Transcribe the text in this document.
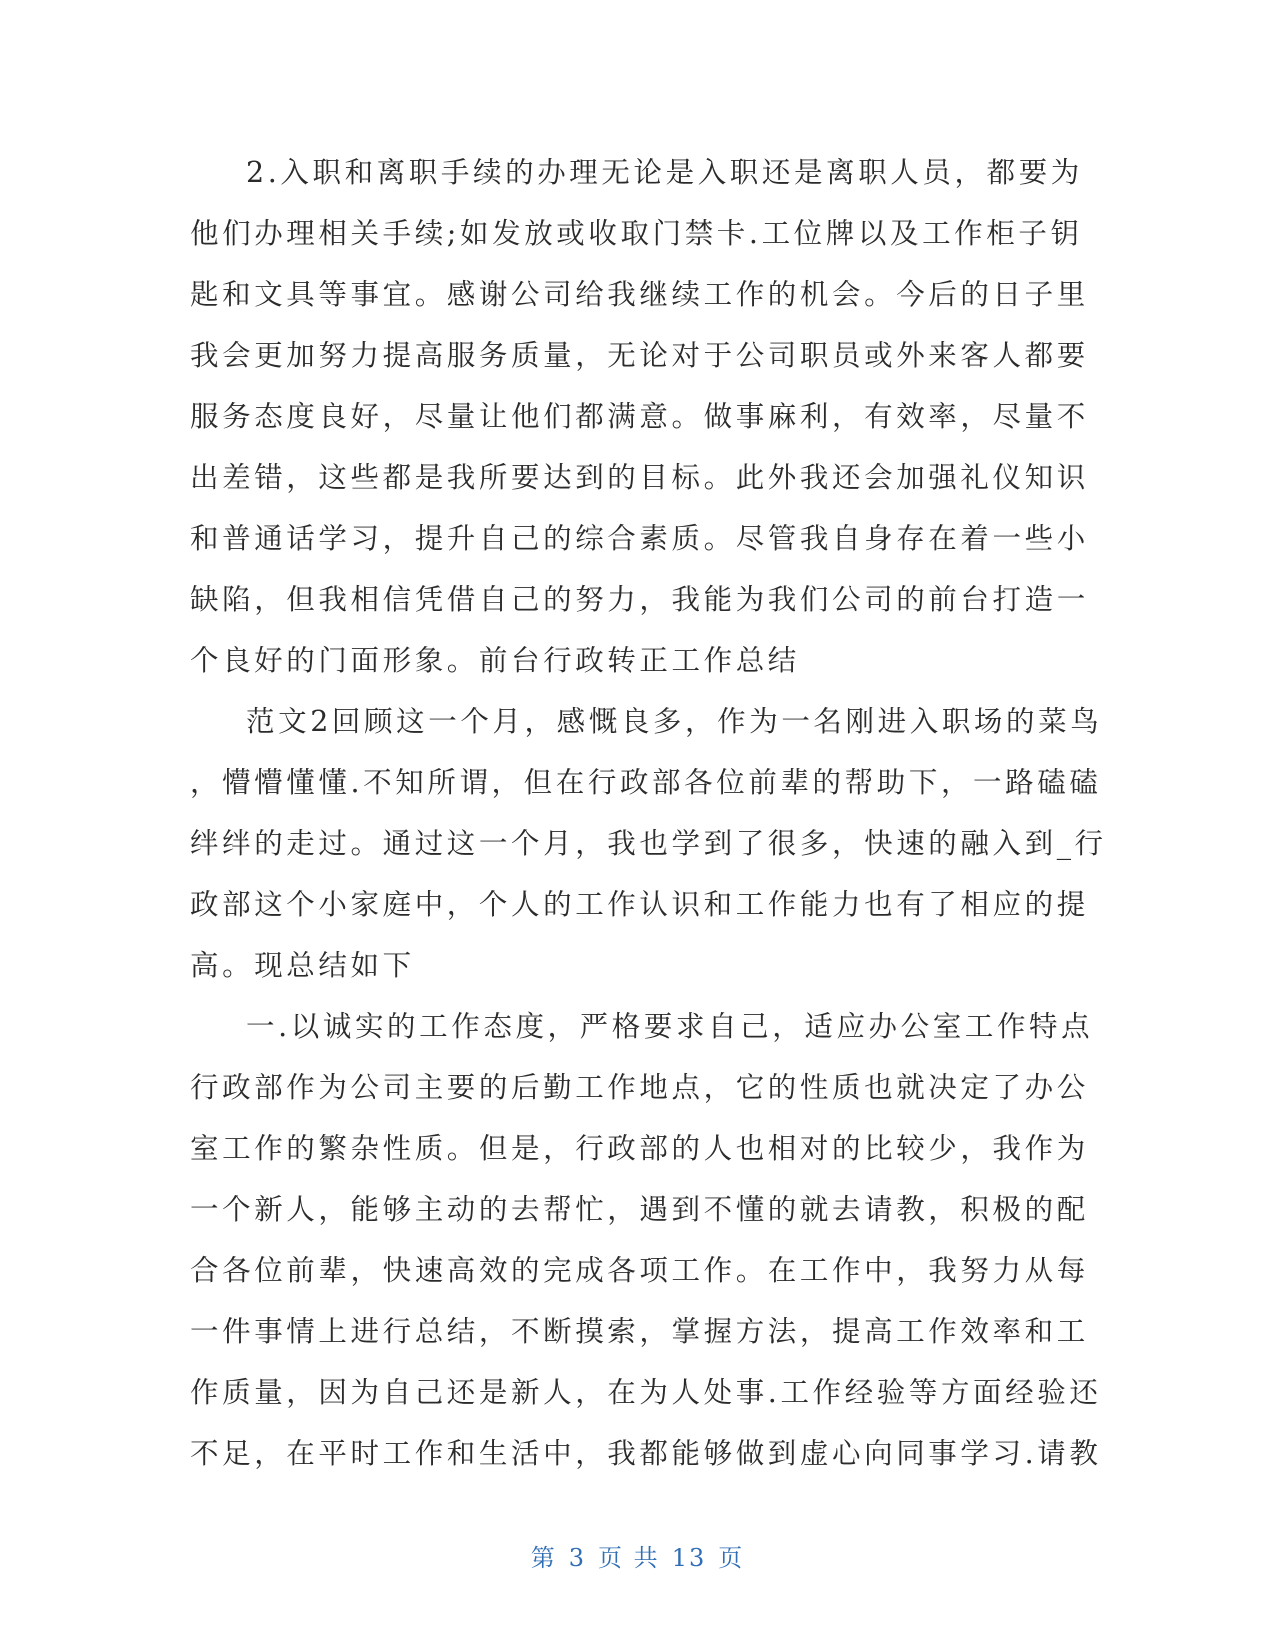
2.入职和离职手续的办理无论是入职还是离职人员，都要为
他们办理相关手续;如发放或收取门禁卡.工位牌以及工作柜子钥
匙和文具等事宜。感谢公司给我继续工作的机会。今后的日子里
我会更加努力提高服务质量，无论对于公司职员或外来客人都要
服务态度良好，尽量让他们都满意。做事麻利，有效率，尽量不
出差错，这些都是我所要达到的目标。此外我还会加强礼仪知识
和普通话学习，提升自己的综合素质。尽管我自身存在着一些小
缺陷，但我相信凭借自己的努力，我能为我们公司的前台打造一
个良好的门面形象。前台行政转正工作总结
范文2回顾这一个月，感慨良多，作为一名刚进入职场的菜鸟
，懵懵懂懂.不知所谓，但在行政部各位前辈的帮助下，一路磕磕
绊绊的走过。通过这一个月，我也学到了很多，快速的融入到_行
政部这个小家庭中，个人的工作认识和工作能力也有了相应的提
高。现总结如下
一.以诚实的工作态度，严格要求自己，适应办公室工作特点
行政部作为公司主要的后勤工作地点，它的性质也就决定了办公
室工作的繁杂性质。但是，行政部的人也相对的比较少，我作为
一个新人，能够主动的去帮忙，遇到不懂的就去请教，积极的配
合各位前辈，快速高效的完成各项工作。在工作中，我努力从每
一件事情上进行总结，不断摸索，掌握方法，提高工作效率和工
作质量，因为自己还是新人，在为人处事.工作经验等方面经验还
不足，在平时工作和生活中，我都能够做到虚心向同事学习.请教
第 3 页 共 13 页
